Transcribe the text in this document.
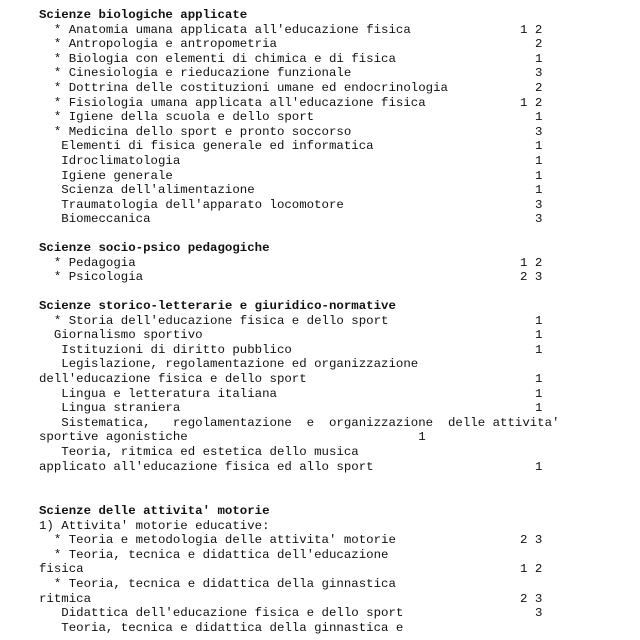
Scienze biologiche applicate
* Anatomia umana applicata all'educazione fisica	1 2
* Antropologia e antropometria	2
* Biologia con elementi di chimica e di fisica	1
* Cinesiologia e rieducazione funzionale	3
* Dottrina delle costituzioni umane ed endocrinologia	2
* Fisiologia umana applicata all'educazione fisica	1 2
* Igiene della scuola e dello sport	1
* Medicina dello sport e pronto soccorso	3
Elementi di fisica generale ed informatica	1
Idroclimatologia	1
Igiene generale	1
Scienza dell'alimentazione	1
Traumatologia dell'apparato locomotore	3
Biomeccanica	3
Scienze socio-psico pedagogiche
* Pedagogia	1 2
* Psicologia	2 3
Scienze storico-letterarie e giuridico-normative
* Storia dell'educazione fisica e dello sport	1
Giornalismo sportivo	1
Istituzioni di diritto pubblico	1
Legislazione, regolamentazione ed organizzazione
dell'educazione fisica e dello sport	1
Lingua e letteratura italiana	1
Lingua straniera	1
Sistematica,   regolamentazione  e  organizzazione  delle attivita'
sportive agonistiche                               1
Teoria, ritmica ed estetica dello musica
applicato all'educazione fisica ed allo sport	1
Scienze delle attivita' motorie
1) Attivita' motorie educative:
* Teoria e metodologia delle attivita' motorie	2 3
* Teoria, tecnica e didattica dell'educazione
fisica	1 2
* Teoria, tecnica e didattica della ginnastica
ritmica	2 3
Didattica dell'educazione fisica e dello sport	3
Teoria, tecnica e didattica della ginnastica e
